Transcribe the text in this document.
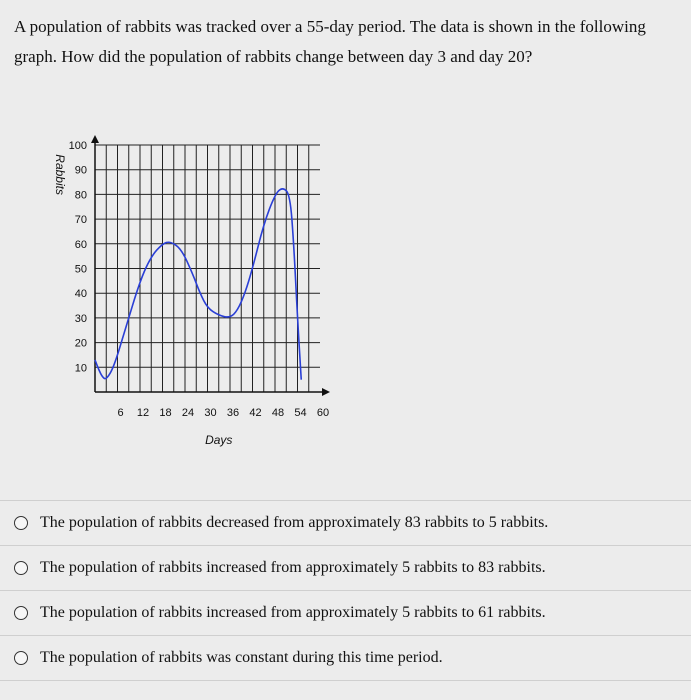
A population of rabbits was tracked over a 55-day period. The data is shown in the following graph. How did the population of rabbits change between day 3 and day 20?
10
20
30
40
50
60
70
80
90
100
6 12 18 24 30 36 42 48 54 60
Days
Rabbits
The population of rabbits decreased from approximately 83 rabbits to 5 rabbits.
The population of rabbits increased from approximately 5 rabbits to 83 rabbits.
The population of rabbits increased from approximately 5 rabbits to 61 rabbits.
The population of rabbits was constant during this time period.
